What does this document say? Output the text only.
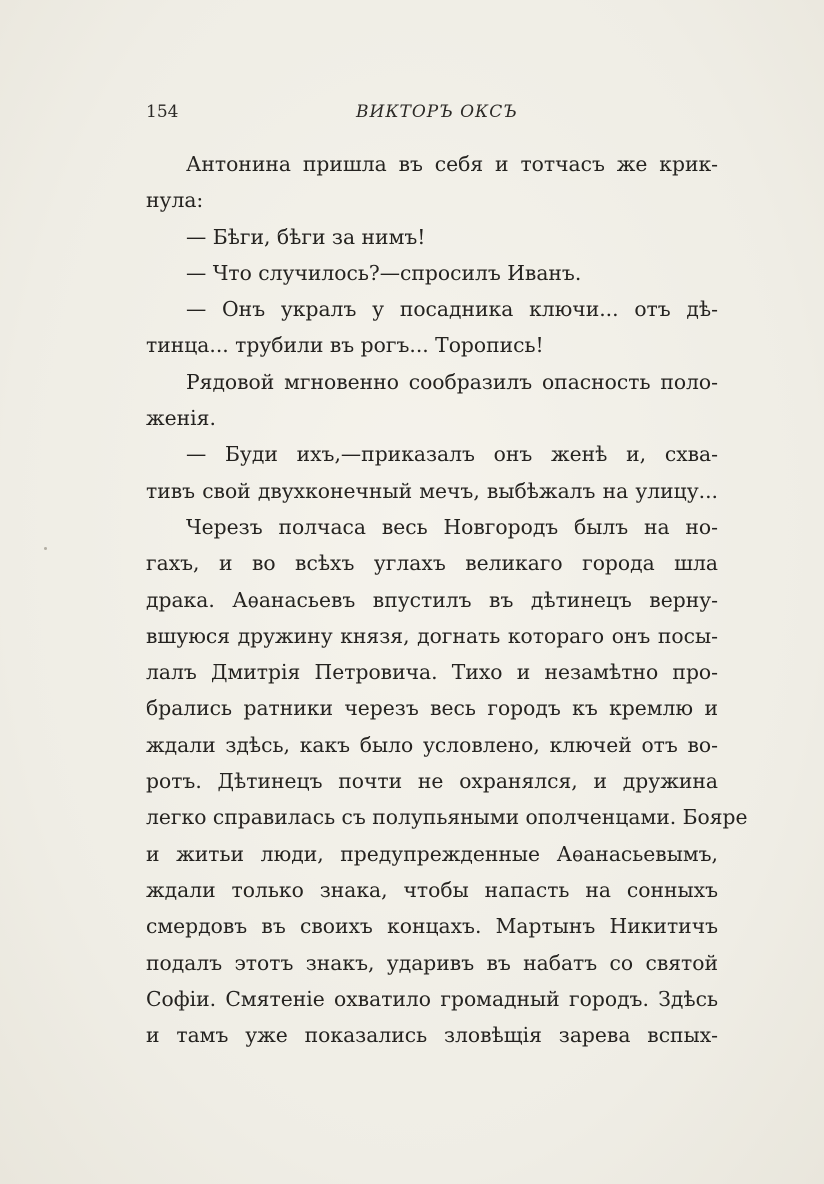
154	ВИКТОРЪ ОКСЪ
Антонина пришла въ себя и тотчасъ же крик-
нула:
— Бѣги, бѣги за нимъ!
— Что случилось?—спросилъ Иванъ.
— Онъ укралъ у посадника ключи... отъ дѣ-
тинца... трубили въ рогъ... Торопись!
Рядовой мгновенно сообразилъ опасность поло-
женія.
— Буди ихъ,—приказалъ онъ женѣ и, схва-
тивъ свой двухконечный мечъ, выбѣжалъ на улицу...
Черезъ полчаса весь Новгородъ былъ на но-
гахъ, и во всѣхъ углахъ великаго города шла
драка. Аѳанасьевъ впустилъ въ дѣтинецъ верну-
вшуюся дружину князя, догнать котораго онъ посы-
лалъ Дмитрія Петровича. Тихо и незамѣтно про-
брались ратники черезъ весь городъ къ кремлю и
ждали здѣсь, какъ было условлено, ключей отъ во-
ротъ. Дѣтинецъ почти не охранялся, и дружина
легко справилась съ полупьяными ополченцами. Бояре
и житьи люди, предупрежденные Аѳанасьевымъ,
ждали только знака, чтобы напасть на сонныхъ
смердовъ въ своихъ концахъ. Мартынъ Никитичъ
подалъ этотъ знакъ, ударивъ въ набатъ со святой
Софіи. Смятеніе охватило громадный городъ. Здѣсь
и тамъ уже показались зловѣщія зарева вспых-
